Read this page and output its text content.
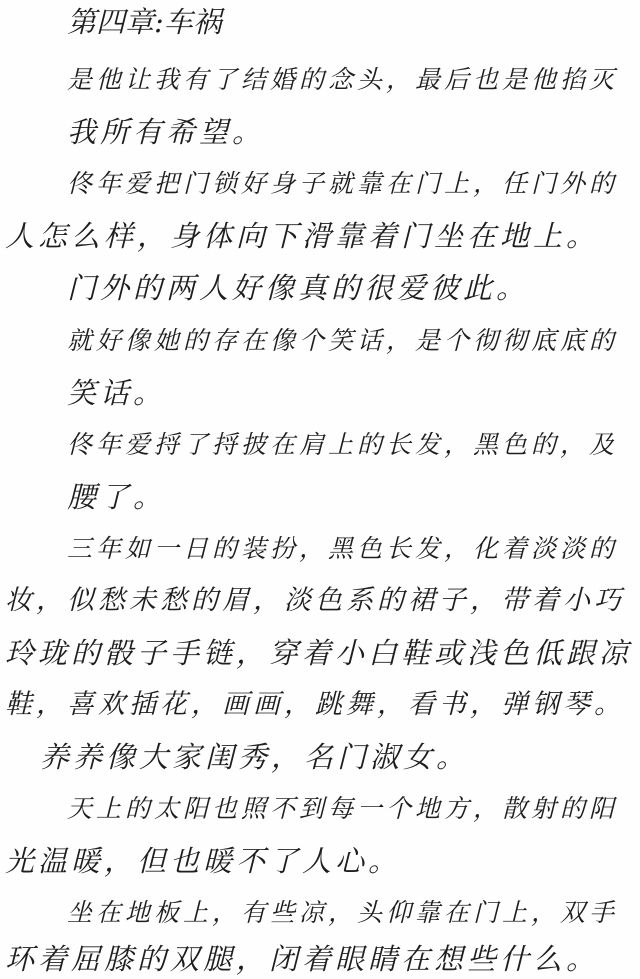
第四章:车祸
是他让我有了结婚的念头，最后也是他掐灭
我所有希望。
佟年爱把门锁好身子就靠在门上，任门外的
人怎么样，身体向下滑靠着门坐在地上。
门外的两人好像真的很爱彼此。
就好像她的存在像个笑话，是个彻彻底底的
笑话。
佟年爱捋了捋披在肩上的长发，黑色的，及
腰了。
三年如一日的装扮，黑色长发，化着淡淡的
妆，似愁未愁的眉，淡色系的裙子，带着小巧
玲珑的骰子手链，穿着小白鞋或浅色低跟凉
鞋，喜欢插花，画画，跳舞，看书，弹钢琴。
养养像大家闺秀，名门淑女。
天上的太阳也照不到每一个地方，散射的阳
光温暖，但也暖不了人心。
坐在地板上，有些凉，头仰靠在门上，双手
环着屈膝的双腿，闭着眼睛在想些什么。
